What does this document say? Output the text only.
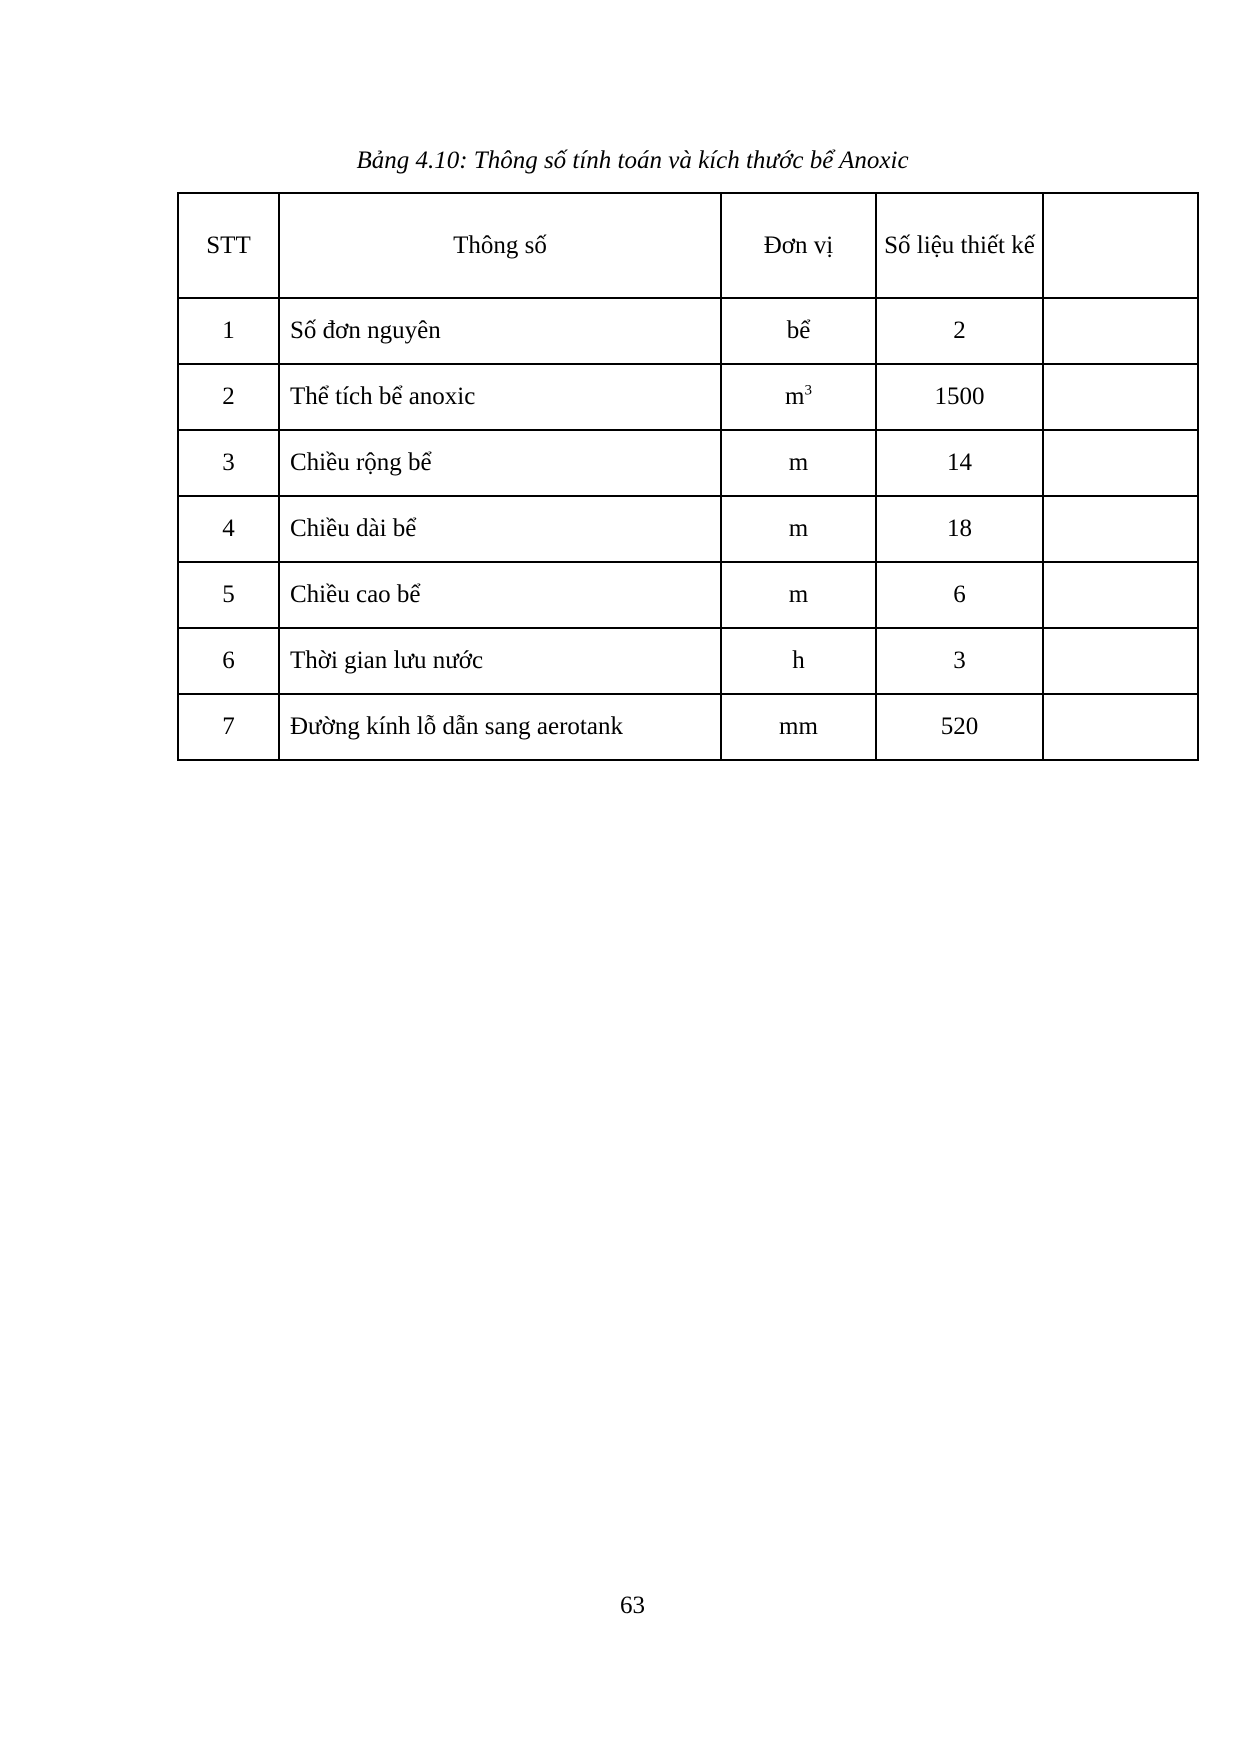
Bảng 4.10: Thông số tính toán và kích thước bể Anoxic
STT	Thông số	Đơn vị	Số liệu thiết kế	
1	Số đơn nguyên	bể	2	
2	Thể tích bể anoxic	$m^3$	1500	
3	Chiều rộng bể	m	14	
4	Chiều dài bể	m	18	
5	Chiều cao bể	m	6	
6	Thời gian lưu nước	h	3	
7	Đường kính lỗ dẫn sang aerotank	mm	520	
63
